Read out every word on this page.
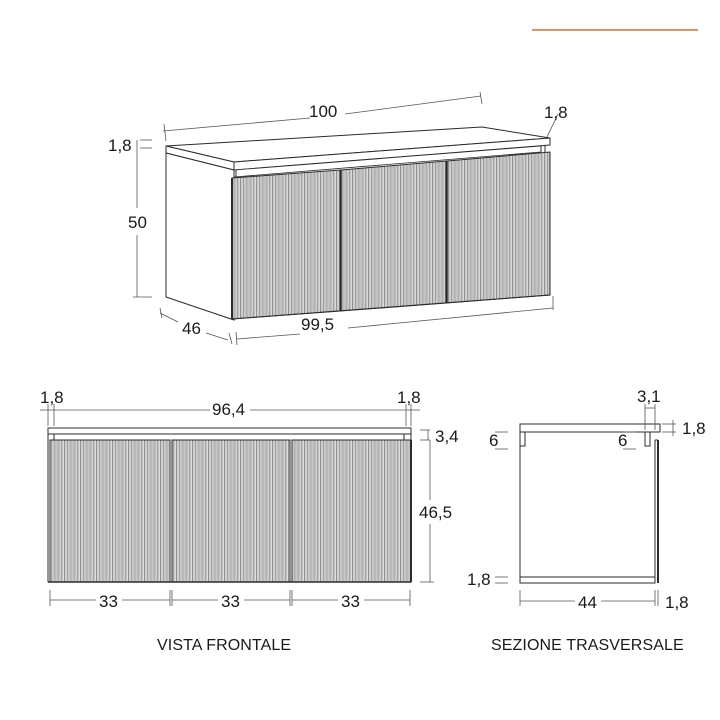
100	1,8
1,8
50
46	99,5
1,8
96,4
1,8
3,4
46,5
33	33	33
3,1
1,8
6	6
1,8
44	1,8
VISTA FRONTALE	SEZIONE TRASVERSALE
